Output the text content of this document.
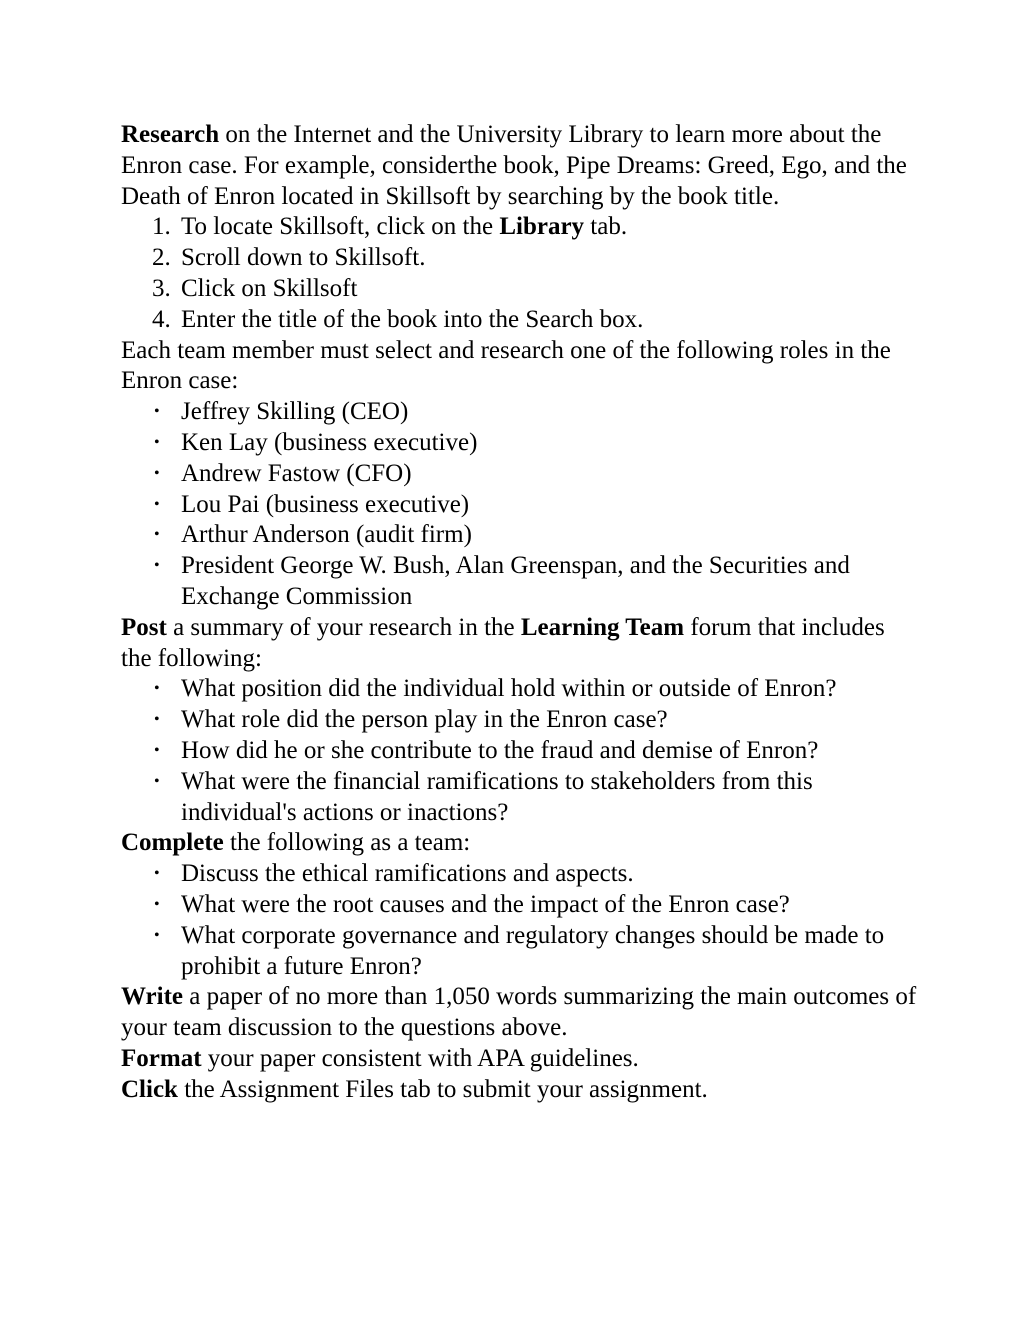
Research on the Internet and the University Library to learn more about the Enron case. For example, considerthe book, Pipe Dreams: Greed, Ego, and the Death of Enron located in Skillsoft by searching by the book title.

1. To locate Skillsoft, click on the Library tab.
2. Scroll down to Skillsoft.
3. Click on Skillsoft
4. Enter the title of the book into the Search box.

Each team member must select and research one of the following roles in the Enron case:

• Jeffrey Skilling (CEO)
• Ken Lay (business executive)
• Andrew Fastow (CFO)
• Lou Pai (business executive)
• Arthur Anderson (audit firm)
• President George W. Bush, Alan Greenspan, and the Securities and Exchange Commission

Post a summary of your research in the Learning Team forum that includes the following:

• What position did the individual hold within or outside of Enron?
• What role did the person play in the Enron case?
• How did he or she contribute to the fraud and demise of Enron?
• What were the financial ramifications to stakeholders from this individual's actions or inactions?

Complete the following as a team:

• Discuss the ethical ramifications and aspects.
• What were the root causes and the impact of the Enron case?
• What corporate governance and regulatory changes should be made to prohibit a future Enron?

Write a paper of no more than 1,050 words summarizing the main outcomes of your team discussion to the questions above.

Format your paper consistent with APA guidelines.

Click the Assignment Files tab to submit your assignment.
